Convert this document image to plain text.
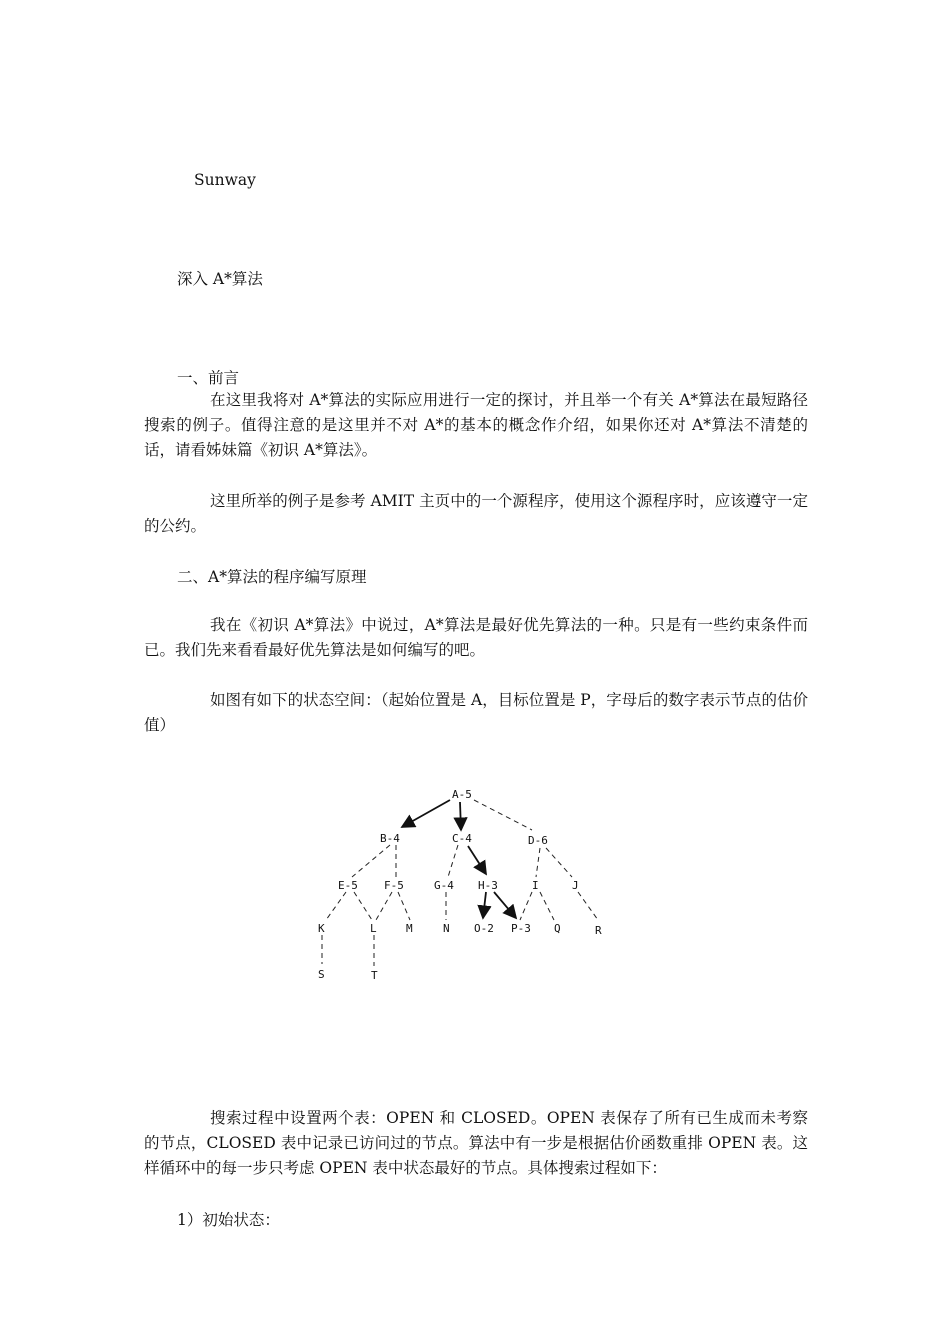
Sunway
深入 A*算法
一、前言
在这里我将对 A*算法的实际应用进行一定的探讨，并且举一个有关 A*算法在最短路径搜索的例子。值得注意的是这里并不对 A*的基本的概念作介绍，如果你还对 A*算法不清楚的话，请看姊妹篇《初识 A*算法》。
这里所举的例子是参考 AMIT 主页中的一个源程序，使用这个源程序时，应该遵守一定的公约。
二、A*算法的程序编写原理
我在《初识 A*算法》中说过，A*算法是最好优先算法的一种。只是有一些约束条件而已。我们先来看看最好优先算法是如何编写的吧。
如图有如下的状态空间：（起始位置是 A，目标位置是 P，字母后的数字表示节点的估价值）
A-5
B-4	C-4	D-6
E-5 F-5	G-4 H-3	I	J
K	L	M	N O-2 P-3 Q	R
S	T
搜索过程中设置两个表：OPEN 和 CLOSED。OPEN 表保存了所有已生成而未考察的节点，CLOSED 表中记录已访问过的节点。算法中有一步是根据估价函数重排 OPEN 表。这样循环中的每一步只考虑 OPEN 表中状态最好的节点。具体搜索过程如下：
1）初始状态：
